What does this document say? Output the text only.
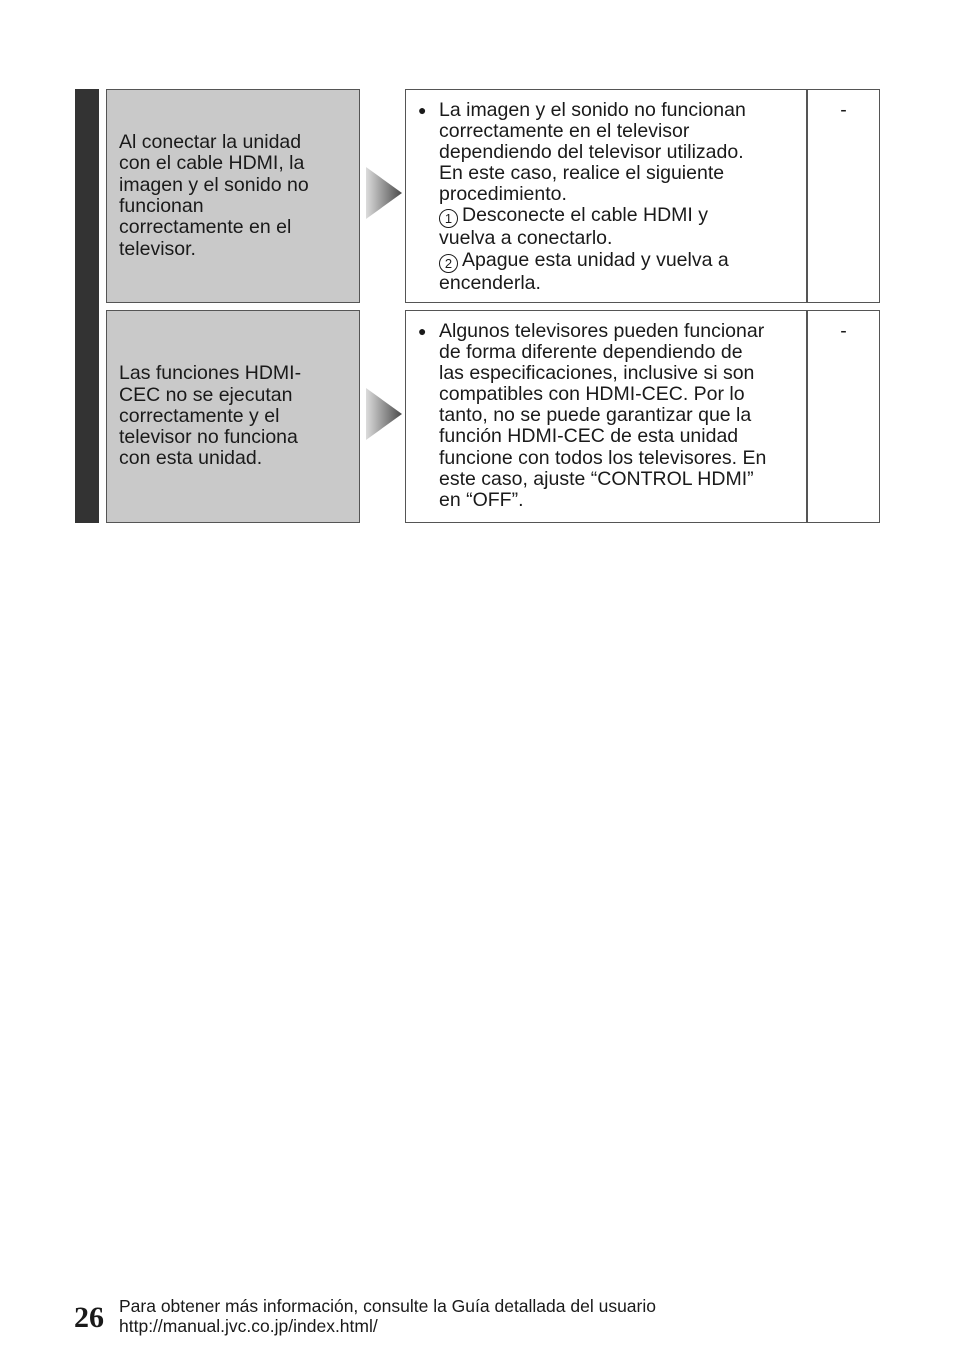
Al conectar la unidad
con el cable HDMI, la
imagen y el sonido no
funcionan
correctamente en el
televisor.
● La imagen y el sonido no funcionan
correctamente en el televisor
dependiendo del televisor utilizado.
En este caso, realice el siguiente
procedimiento.
1 Desconecte el cable HDMI y
vuelva a conectarlo.
2 Apague esta unidad y vuelva a
encenderla.
-
Las funciones HDMI-
CEC no se ejecutan
correctamente y el
televisor no funciona
con esta unidad.
● Algunos televisores pueden funcionar
de forma diferente dependiendo de
las especificaciones, inclusive si son
compatibles con HDMI-CEC. Por lo
tanto, no se puede garantizar que la
función HDMI-CEC de esta unidad
funcione con todos los televisores. En
este caso, ajuste “CONTROL HDMI”
en “OFF”.
-
26 Para obtener más información, consulte la Guía detallada del usuario
http://manual.jvc.co.jp/index.html/
